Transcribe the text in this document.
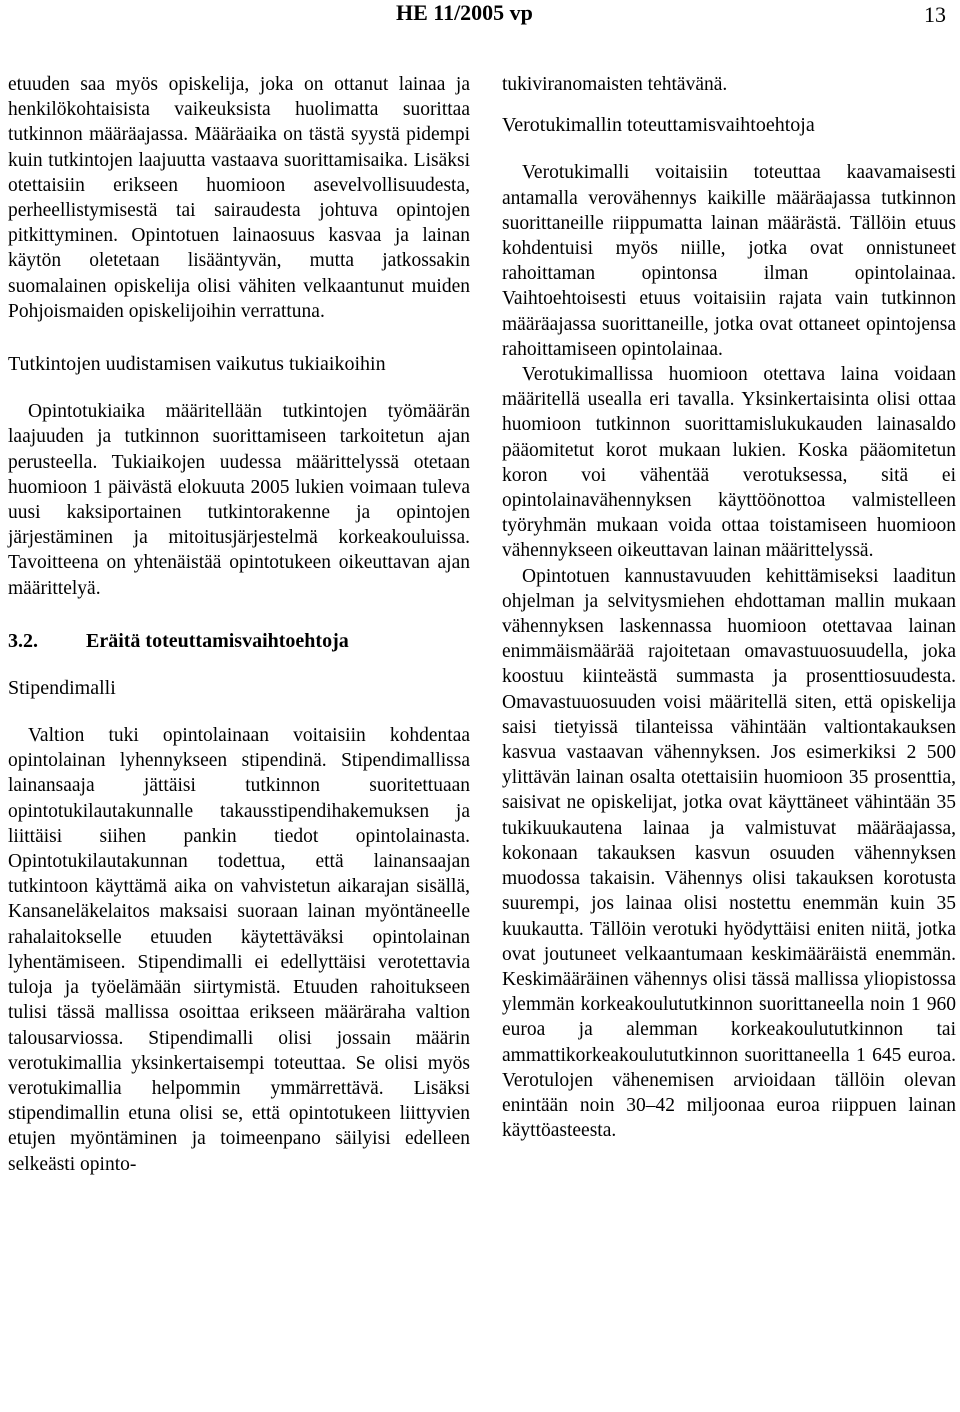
HE 11/2005 vp	13

etuuden saa myös opiskelija, joka on ottanut lainaa ja henkilökohtaisista vaikeuksista huolimatta suorittaa tutkinnon määräajassa. Määräaika on tästä syystä pidempi kuin tutkintojen laajuutta vastaava suorittamisaika. Lisäksi otettaisiin erikseen huomioon asevelvollisuudesta, perheellistymisestä tai sairaudesta johtuva opintojen pitkittyminen. Opintotuen lainaosuus kasvaa ja lainan käytön oletetaan lisääntyvän, mutta jatkossakin suomalainen opiskelija olisi vähiten velkaantunut muiden Pohjoismaiden opiskelijoihin verrattuna.

Tutkintojen uudistamisen vaikutus tukiaikoihin

Opintotukiaika määritellään tutkintojen työmäärän laajuuden ja tutkinnon suorittamiseen tarkoitetun ajan perusteella. Tukiaikojen uudessa määrittelyssä otetaan huomioon 1 päivästä elokuuta 2005 lukien voimaan tuleva uusi kaksiportainen tutkintorakenne ja opintojen järjestäminen ja mitoitusjärjestelmä korkeakouluissa. Tavoitteena on yhtenäistää opintotukeen oikeuttavan ajan määrittelyä.

3.2. Eräitä toteuttamisvaihtoehtoja

Stipendimalli

Valtion tuki opintolainaan voitaisiin kohdentaa opintolainan lyhennykseen stipendinä. Stipendimallissa lainansaaja jättäisi tutkinnon suoritettuaan opintotukilautakunnalle takausstipendihakemuksen ja liittäisi siihen pankin tiedot opintolainasta. Opintotukilautakunnan todettua, että lainansaajan tutkintoon käyttämä aika on vahvistetun aikarajan sisällä, Kansaneläkelaitos maksaisi suoraan lainan myöntäneelle rahalaitokselle etuuden käytettäväksi opintolainan lyhentämiseen. Stipendimalli ei edellyttäisi verotettavia tuloja ja työelämään siirtymistä. Etuuden rahoitukseen tulisi tässä mallissa osoittaa erikseen määräraha valtion talousarviossa. Stipendimalli olisi jossain määrin verotukimallia yksinkertaisempi toteuttaa. Se olisi myös verotukimallia helpommin ymmärrettävä. Lisäksi stipendimallin etuna olisi se, että opintotukeen liittyvien etujen myöntäminen ja toimeenpano säilyisi edelleen selkeästi opinto-

tukiviranomaisten tehtävänä.

Verotukimallin toteuttamisvaihtoehtoja

Verotukimalli voitaisiin toteuttaa kaavamaisesti antamalla verovähennys kaikille määräajassa tutkinnon suorittaneille riippumatta lainan määrästä. Tällöin etuus kohdentuisi myös niille, jotka ovat onnistuneet rahoittaman opintonsa ilman opintolainaa. Vaihtoehtoisesti etuus voitaisiin rajata vain tutkinnon määräajassa suorittaneille, jotka ovat ottaneet opintojensa rahoittamiseen opintolainaa.

Verotukimallissa huomioon otettava laina voidaan määritellä usealla eri tavalla. Yksinkertaisinta olisi ottaa huomioon tutkinnon suorittamislukukauden lainasaldo pääomitetut korot mukaan lukien. Koska pääomitetun koron voi vähentää verotuksessa, sitä ei opintolainavähennyksen käyttöönottoa valmistelleen työryhmän mukaan voida ottaa toistamiseen huomioon vähennykseen oikeuttavan lainan määrittelyssä.

Opintotuen kannustavuuden kehittämiseksi laaditun ohjelman ja selvitysmiehen ehdottaman mallin mukaan vähennyksen laskennassa huomioon otettavaa lainan enimmäismäärää rajoitetaan omavastuuosuudella, joka koostuu kiinteästä summasta ja prosenttiosuudesta. Omavastuuosuuden voisi määritellä siten, että opiskelija saisi tietyissä tilanteissa vähintään valtiontakauksen kasvua vastaavan vähennyksen. Jos esimerkiksi 2 500 ylittävän lainan osalta otettaisiin huomioon 35 prosenttia, saisivat ne opiskelijat, jotka ovat käyttäneet vähintään 35 tukikuukautena lainaa ja valmistuvat määräajassa, kokonaan takauksen kasvun osuuden vähennyksen muodossa takaisin. Vähennys olisi takauksen korotusta suurempi, jos lainaa olisi nostettu enemmän kuin 35 kuukautta. Tällöin verotuki hyödyttäisi eniten niitä, jotka ovat joutuneet velkaantumaan keskimääräistä enemmän. Keskimääräinen vähennys olisi tässä mallissa yliopistossa ylemmän korkeakoulututkinnon suorittaneella noin 1 960 euroa ja alemman korkeakoulututkinnon tai ammattikorkeakoulututkinnon suorittaneella 1 645 euroa. Verotulojen vähenemisen arvioidaan tällöin olevan enintään noin 30–42 miljoonaa euroa riippuen lainan käyttöasteesta.
